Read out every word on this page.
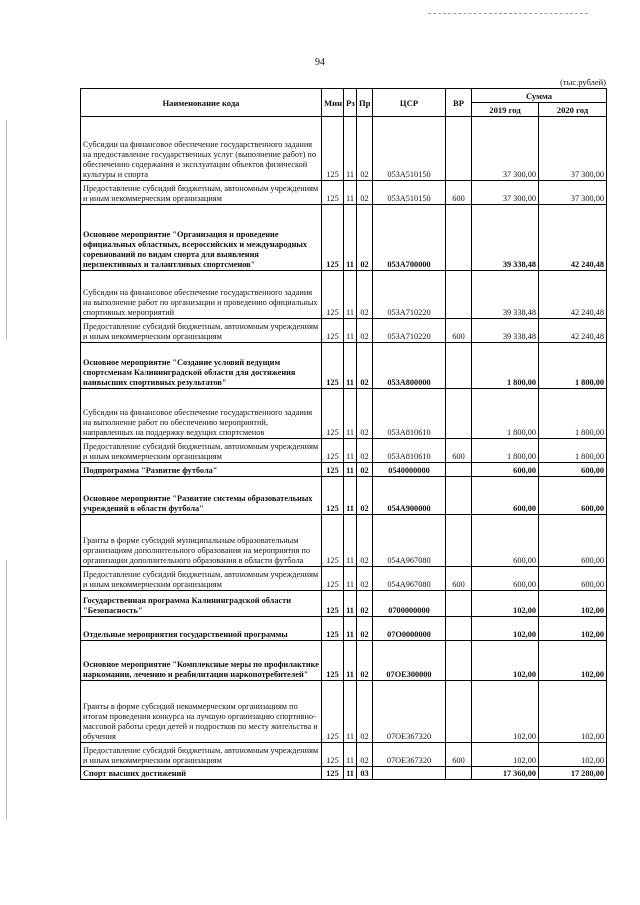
94
(тыс.рублей)
Наименование кода	Мин	Рз	Пр	ЦСР	ВР	Сумма	
						2019 год	2020 год
Субсидии на финансовое обеспечение государственного задания на предоставление государственных услуг (выполнение работ) по обеспечению содержания и эксплуатации объектов физической культуры и спорта	125	11	02	053A510150		37 300,00	37 300,00
Предоставление субсидий бюджетным, автономным учреждениям и иным некоммерческим организациям	125	11	02	053A510150	600	37 300,00	37 300,00
Основное мероприятие "Организация и проведение официальных областных, всероссийских и международных соревнований по видам спорта для выявления перспективных и талантливых спортсменов"	125	11	02	053A700000		39 338,48	42 240,48
Субсидии на финансовое обеспечение государственного задания на выполнение работ по организации и проведению официальных спортивных мероприятий	125	11	02	053A710220		39 338,48	42 240,48
Предоставление субсидий бюджетным, автономным учреждениям и иным некоммерческим организациям	125	11	02	053A710220	600	39 338,48	42 240,48
Основное мероприятие "Создание условий ведущим спортсменам Калининградской области для достижения наивысших спортивных результатов"	125	11	02	053A800000		1 800,00	1 800,00
Субсидии на финансовое обеспечение государственного задания на выполнение работ по обеспечению мероприятий, направленных на поддержку ведущих спортсменов	125	11	02	053A810610		1 800,00	1 800,00
Предоставление субсидий бюджетным, автономным учреждениям и иным некоммерческим организациям	125	11	02	053A810610	600	1 800,00	1 800,00
Подпрограмма "Развитие футбола"	125	11	02	0540000000		600,00	600,00
Основное мероприятие "Развитие системы образовательных учреждений в области футбола"	125	11	02	054A900000		600,00	600,00
Гранты в форме субсидий муниципальным образовательным организациям дополнительного образования на мероприятия по организации дополнительного образования в области футбола	125	11	02	054A967080		600,00	600,00
Предоставление субсидий бюджетным, автономным учреждениям и иным некоммерческим организациям	125	11	02	054A967080	600	600,00	600,00
Государственная программа Калининградской области "Безопасность"	125	11	02	0700000000		102,00	102,00
Отдельные мероприятия государственной программы	125	11	02	07O0000000		102,00	102,00
Основное мероприятие "Комплексные меры по профилактике наркомании, лечению и реабилитации наркопотребителей"	125	11	02	07OE300000		102,00	102,00
Гранты в форме субсидий некоммерческим организациям по итогам проведения конкурса на лучшую организацию спортивно-массовой работы среди детей и подростков по месту жительства и обучения	125	11	02	07OE367320		102,00	102,00
Предоставление субсидий бюджетным, автономным учреждениям и иным некоммерческим организациям	125	11	02	07OE367320	600	102,00	102,00
Спорт высших достижений	125	11	03			17 360,00	17 280,00
